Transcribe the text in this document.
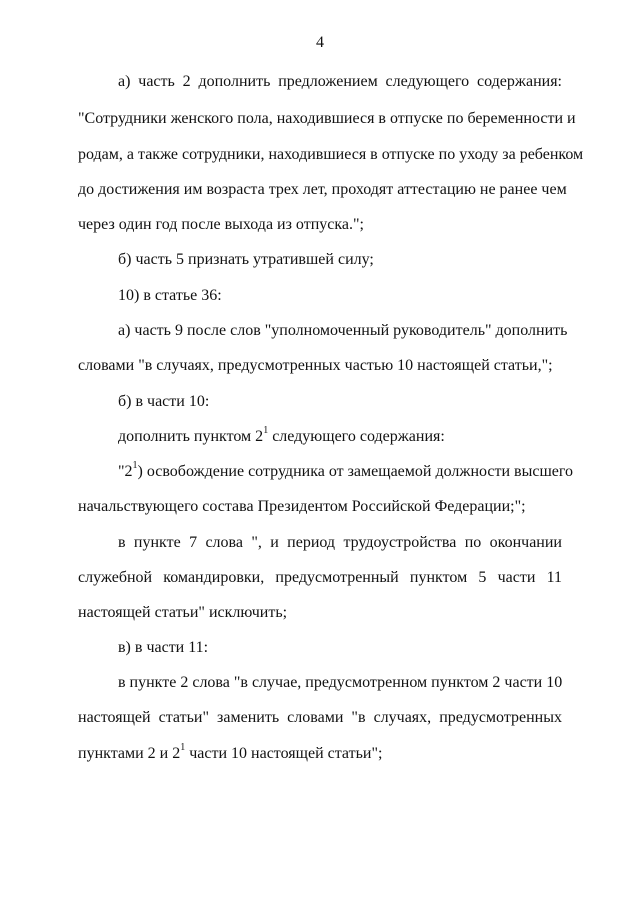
4
а) часть 2 дополнить предложением следующего содержания:
"Сотрудники женского пола, находившиеся в отпуске по беременности и
родам, а также сотрудники, находившиеся в отпуске по уходу за ребенком
до достижения им возраста трех лет, проходят аттестацию не ранее чем
через один год после выхода из отпуска.";
б) часть 5 признать утратившей силу;
10) в статье 36:
а) часть 9 после слов "уполномоченный руководитель" дополнить
словами "в случаях, предусмотренных частью 10 настоящей статьи,";
б) в части 10:
дополнить пунктом $2^1$ следующего содержания:
"$2^1$) освобождение сотрудника от замещаемой должности высшего
начальствующего состава Президентом Российской Федерации;";
в пункте 7 слова ", и период трудоустройства по окончании
служебной командировки, предусмотренный пунктом 5 части 11
настоящей статьи" исключить;
в) в части 11:
в пункте 2 слова "в случае, предусмотренном пунктом 2 части 10
настоящей статьи" заменить словами "в случаях, предусмотренных
пунктами 2 и $2^1$ части 10 настоящей статьи";
